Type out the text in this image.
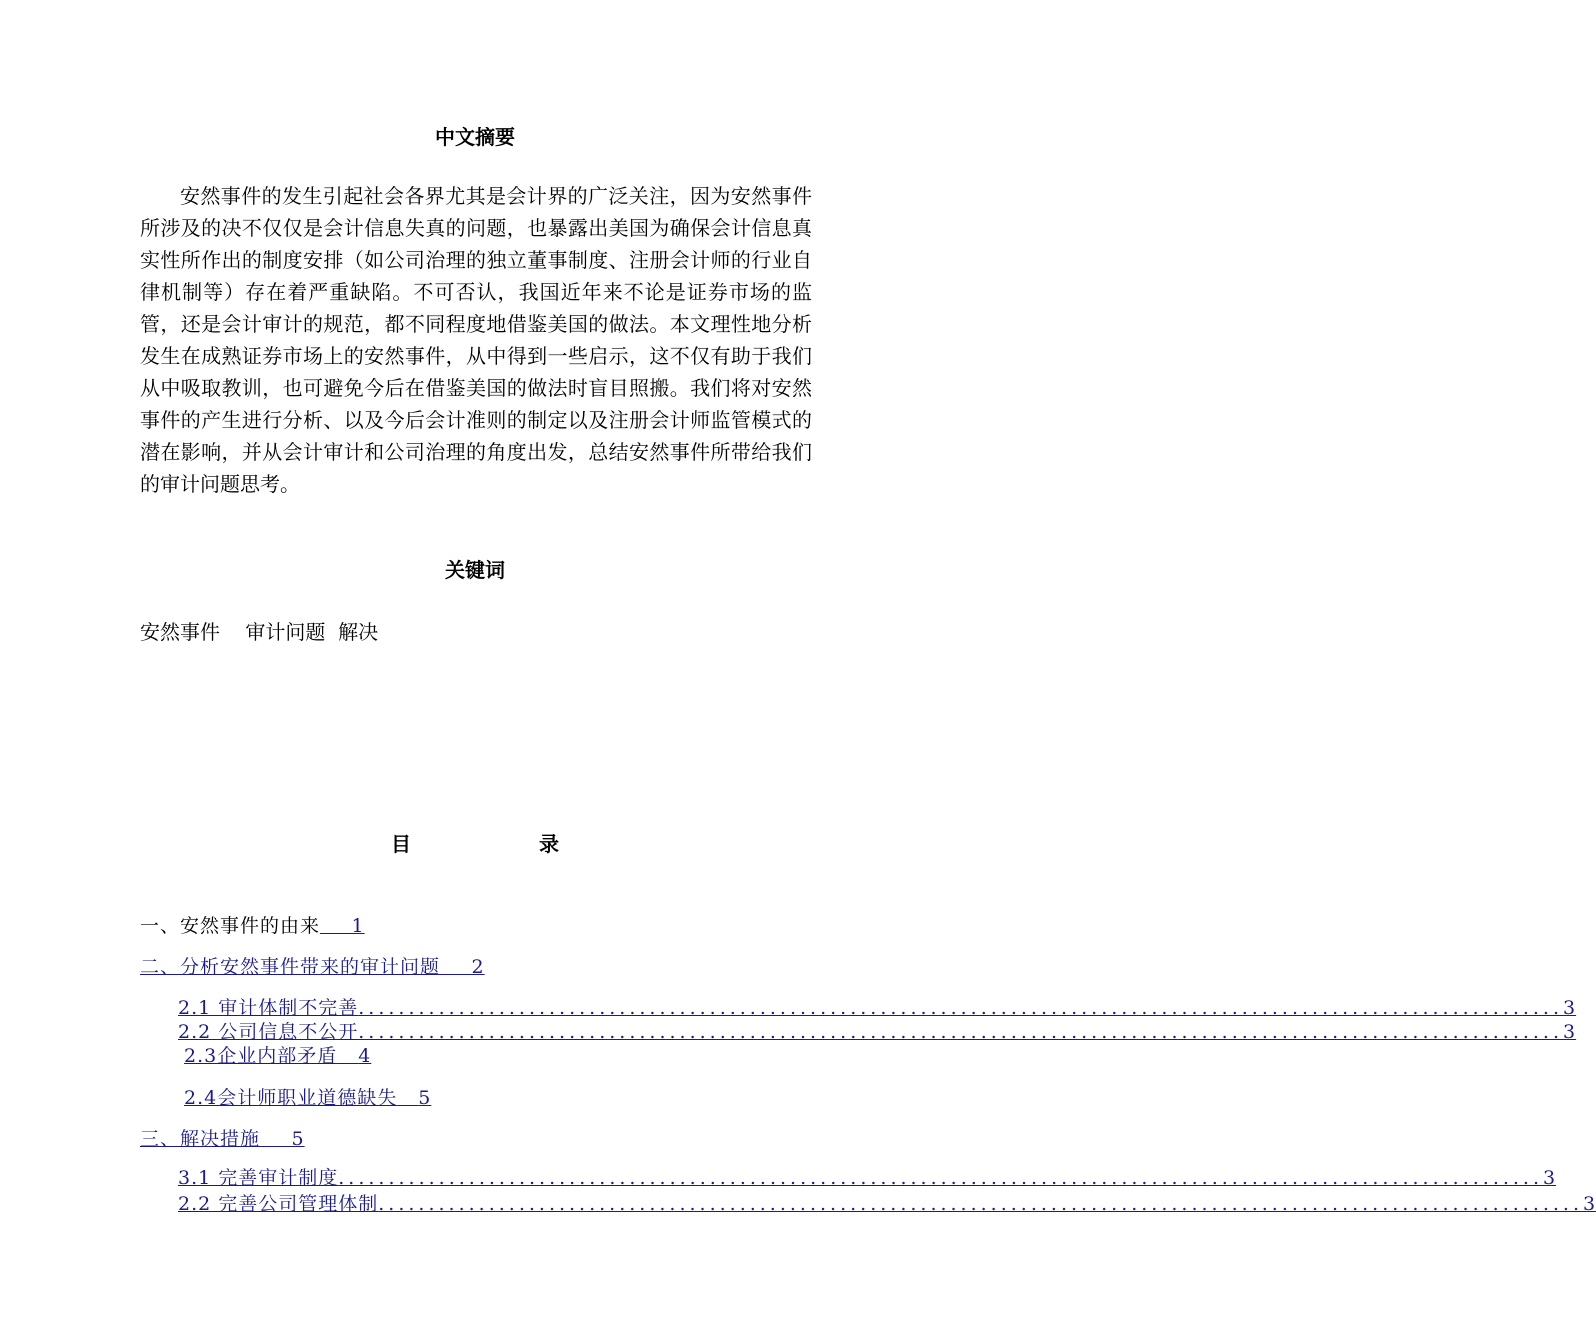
中文摘要

安然事件的发生引起社会各界尤其是会计界的广泛关注，因为安然事件所涉及的决不仅仅是会计信息失真的问题，也暴露出美国为确保会计信息真实性所作出的制度安排（如公司治理的独立董事制度、注册会计师的行业自律机制等）存在着严重缺陷。不可否认，我国近年来不论是证券市场的监管，还是会计审计的规范，都不同程度地借鉴美国的做法。本文理性地分析发生在成熟证券市场上的安然事件，从中得到一些启示，这不仅有助于我们从中吸取教训，也可避免今后在借鉴美国的做法时盲目照搬。我们将对安然事件的产生进行分析、以及今后会计准则的制定以及注册会计师监管模式的潜在影响，并从会计审计和公司治理的角度出发，总结安然事件所带给我们的审计问题思考。

关键词

安然事件    审计问题  解决

目	录
一、安然事件的由来    1
二、分析安然事件带来的审计问题    2
2.1 审计体制不完善 ........................................................................................................................ 3
2.2 公司信息不公开 ........................................................................................................................ 3
2.3企业内部矛盾   4
2.4会计师职业道德缺失   5
三、解决措施    5
3.1 完善审计制度 ........................................................................................................................ 3
2.2 完善公司管理体制 ........................................................................................................................ 3
